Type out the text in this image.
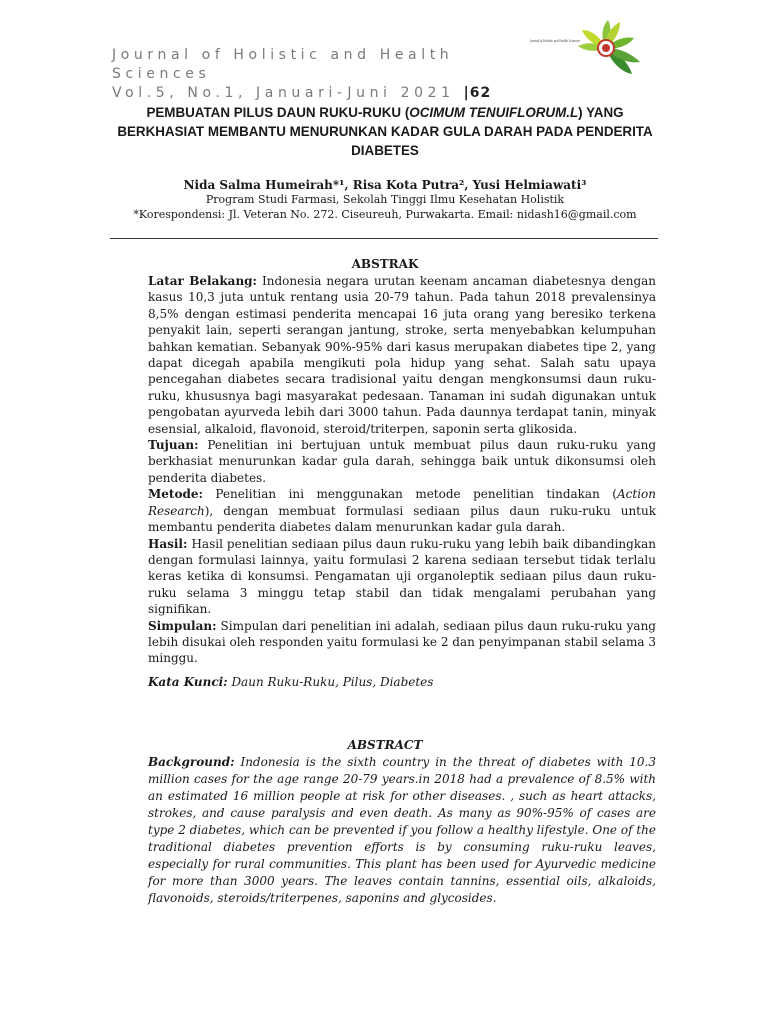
Journal of Holistic and Health Sciences
Vol.5, No.1, Januari-Juni 2021 |62
Journal of Holistic and Health Sciences
PEMBUATAN PILUS DAUN RUKU-RUKU (OCIMUM TENUIFLORUM.L) YANG BERKHASIAT MEMBANTU MENURUNKAN KADAR GULA DARAH PADA PENDERITA DIABETES
Nida Salma Humeirah*¹, Risa Kota Putra², Yusi Helmiawati³
Program Studi Farmasi, Sekolah Tinggi Ilmu Kesehatan Holistik
*Korespondensi: Jl. Veteran No. 272. Ciseureuh, Purwakarta. Email: nidash16@gmail.com
ABSTRAK

Latar Belakang: Indonesia negara urutan keenam ancaman diabetesnya dengan kasus 10,3 juta untuk rentang usia 20-79 tahun. Pada tahun 2018 prevalensinya 8,5% dengan estimasi penderita mencapai 16 juta orang yang beresiko terkena penyakit lain, seperti serangan jantung, stroke, serta menyebabkan kelumpuhan bahkan kematian. Sebanyak 90%-95% dari kasus merupakan diabetes tipe 2, yang dapat dicegah apabila mengikuti pola hidup yang sehat. Salah satu upaya pencegahan diabetes secara tradisional yaitu dengan mengkonsumsi daun ruku-ruku, khususnya bagi masyarakat pedesaan. Tanaman ini sudah digunakan untuk pengobatan ayurveda lebih dari 3000 tahun. Pada daunnya terdapat tanin, minyak esensial, alkaloid, flavonoid, steroid/triterpen, saponin serta glikosida.

Tujuan: Penelitian ini bertujuan untuk membuat pilus daun ruku-ruku yang berkhasiat menurunkan kadar gula darah, sehingga baik untuk dikonsumsi oleh penderita diabetes.

Metode: Penelitian ini menggunakan metode penelitian tindakan (Action Research), dengan membuat formulasi sediaan pilus daun ruku-ruku untuk membantu penderita diabetes dalam menurunkan kadar gula darah.

Hasil: Hasil penelitian sediaan pilus daun ruku-ruku yang lebih baik dibandingkan dengan formulasi lainnya, yaitu formulasi 2 karena sediaan tersebut tidak terlalu keras ketika di konsumsi. Pengamatan uji organoleptik sediaan pilus daun ruku-ruku selama 3 minggu tetap stabil dan tidak mengalami perubahan yang signifikan.

Simpulan: Simpulan dari penelitian ini adalah, sediaan pilus daun ruku-ruku yang lebih disukai oleh responden yaitu formulasi ke 2 dan penyimpanan stabil selama 3 minggu.

Kata Kunci: Daun Ruku-Ruku, Pilus, Diabetes
ABSTRACT
Background: Indonesia is the sixth country in the threat of diabetes with 10.3 million cases for the age range 20-79 years.in 2018 had a prevalence of 8.5% with an estimated 16 million people at risk for other diseases. , such as heart attacks, strokes, and cause paralysis and even death. As many as 90%-95% of cases are type 2 diabetes, which can be prevented if you follow a healthy lifestyle. One of the traditional diabetes prevention efforts is by consuming ruku-ruku leaves, especially for rural communities. This plant has been used for Ayurvedic medicine for more than 3000 years. The leaves contain tannins, essential oils, alkaloids, flavonoids, steroids/triterpenes, saponins and glycosides.
